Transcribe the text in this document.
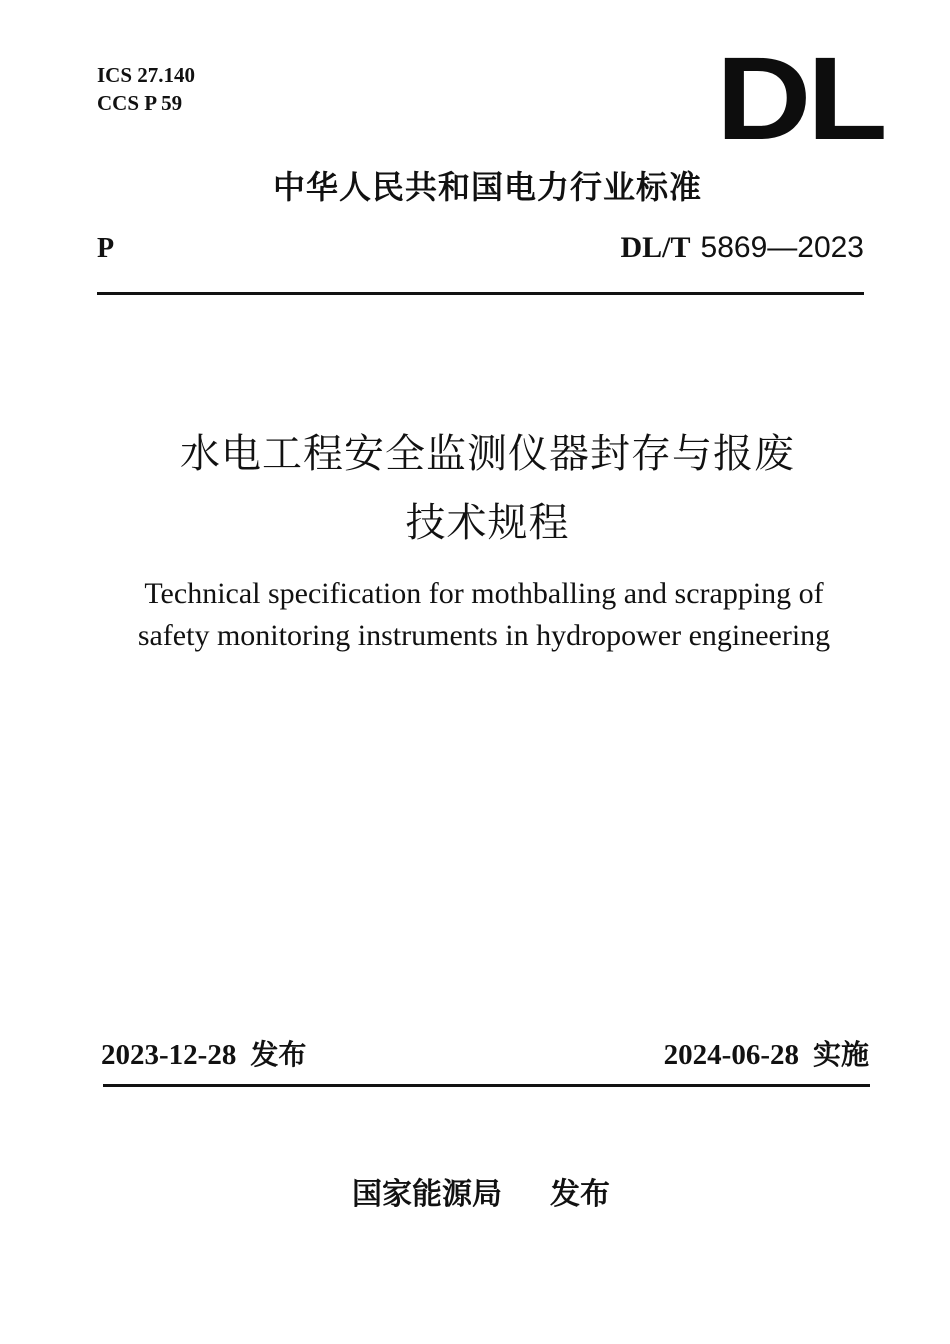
ICS 27.140
CCS P 59	DL
中华人民共和国电力行业标准
P	DL/T 5869—2023
水电工程安全监测仪器封存与报废
技术规程
Technical specification for mothballing and scrapping of
safety monitoring instruments in hydropower engineering
2023-12-28 发布	2024-06-28 实施
国家能源局 发布
